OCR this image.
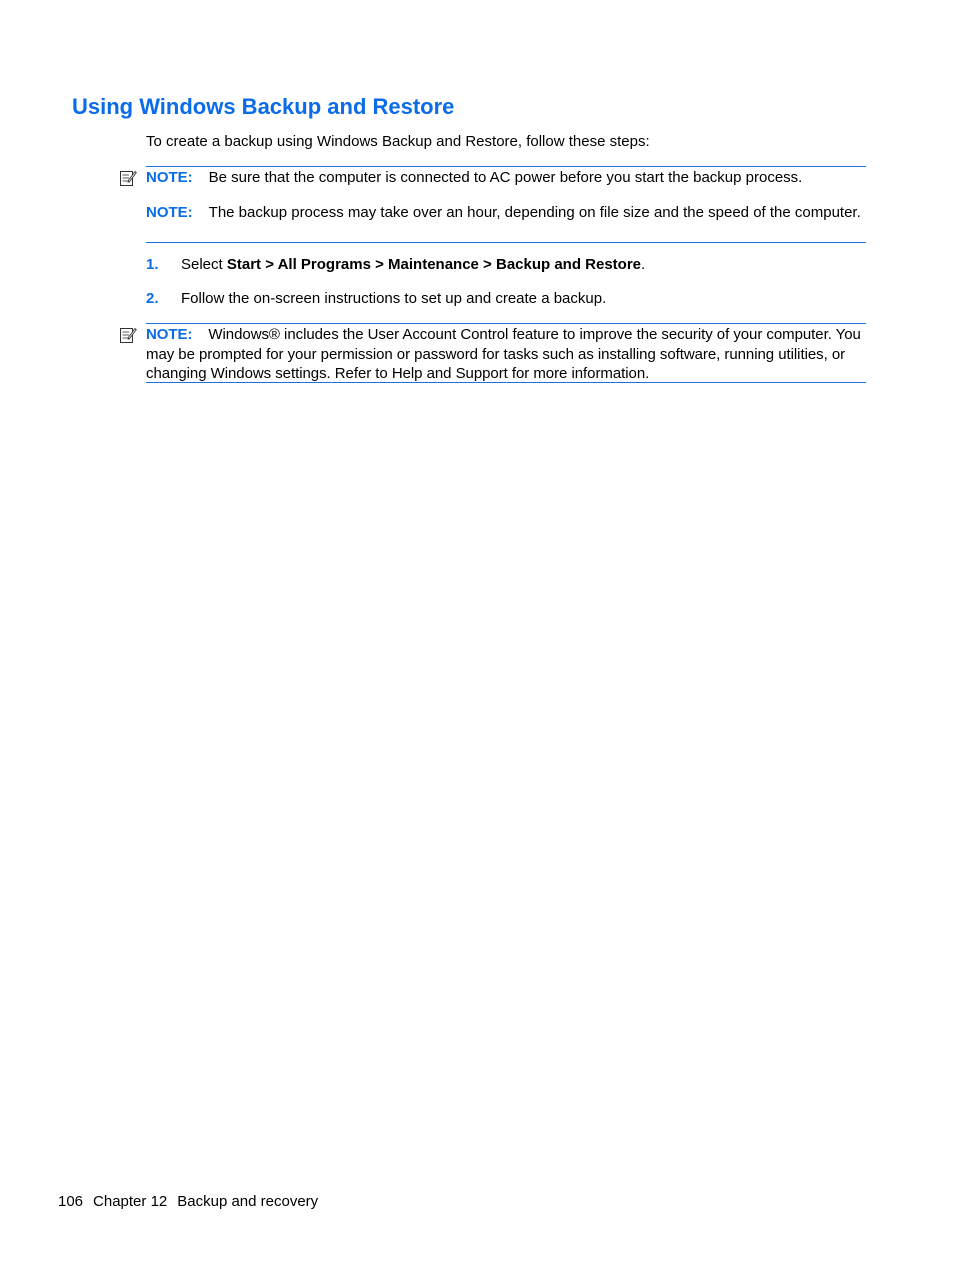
Using Windows Backup and Restore

To create a backup using Windows Backup and Restore, follow these steps:

NOTE: Be sure that the computer is connected to AC power before you start the backup process.

NOTE: The backup process may take over an hour, depending on file size and the speed of the computer.

1. Select Start > All Programs > Maintenance > Backup and Restore.
2. Follow the on-screen instructions to set up and create a backup.

NOTE: Windows® includes the User Account Control feature to improve the security of your computer. You may be prompted for your permission or password for tasks such as installing software, running utilities, or changing Windows settings. Refer to Help and Support for more information.

106 Chapter 12 Backup and recovery
